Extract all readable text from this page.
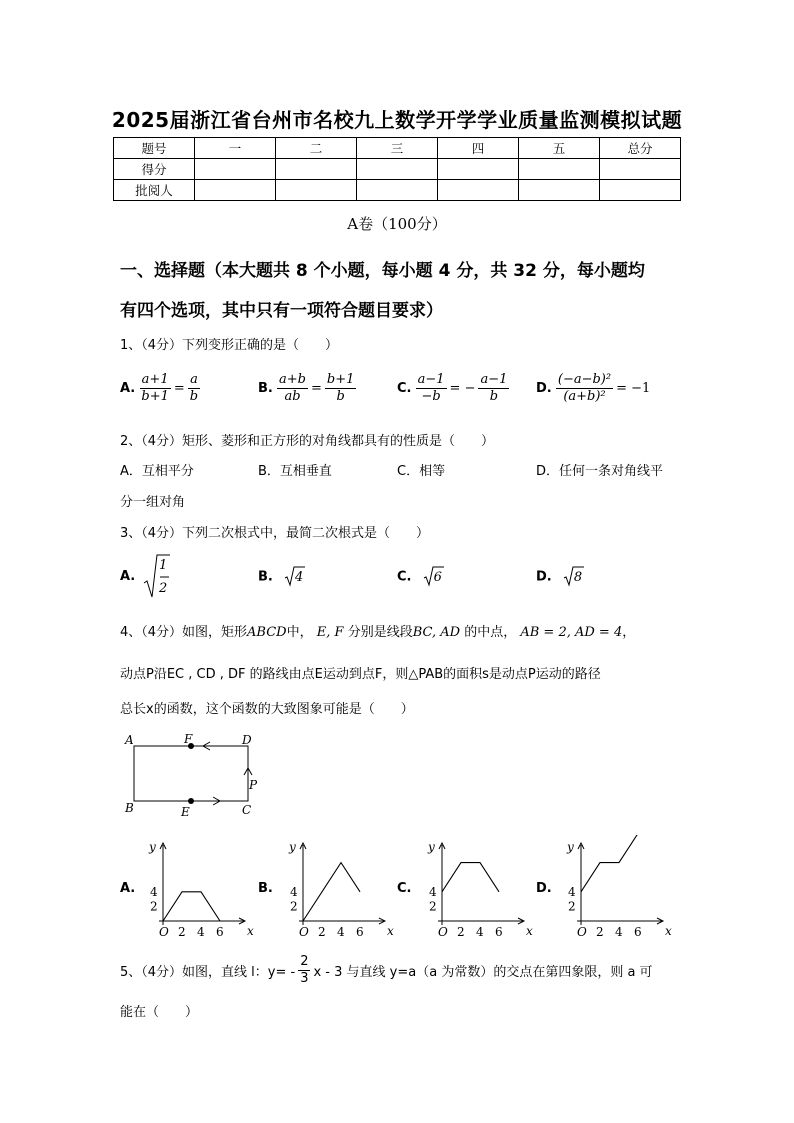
2025届浙江省台州市名校九上数学开学学业质量监测模拟试题
题号	一	二	三	四	五	总分
得分						
批阅人						
A卷（100分）
一、选择题（本大题共 8 个小题，每小题 4 分，共 32 分，每小题均
有四个选项，其中只有一项符合题目要求）
1、（4分）下列变形正确的是（　　）
A.
$\frac{a+1}{b+1} = \frac{a}{b}$	B.
$\frac{a+b}{ab} = \frac{b+1}{b}$	C.
$\frac{a-1}{-b}$ = − $\frac{a-1}{b} D$.
$\frac{\text{(−a−b)²}}{\text{(a+b)²}} = -1$
2、（4分）矩形、菱形和正方形的对角线都具有的性质是（　　）
A．互相平分	B．互相垂直	C．相等	D．任何一条对角线平
分一组对角
3、（4分）下列二次根式中，最简二次根式是（　　）
A.
1
2
B. 4	C. 6	D. 8
4、（4分）如图，矩形ABCD中， E, F 分别是线段BC, AD 的中点， AB = 2, AD = 4，
动点P沿EC , CD , DF 的路线由点E运动到点F，则△PAB的面积s是动点P运动的路径
总长x的函数，这个函数的大致图象可能是（　　）
A	F	D
P
B	E	C
A.	B.	C.	D.
y
x
O
4
2
2 4 6
y
x
O
4
2
2 4 6
y
x
O
4
2
2 4 6
y
x
O
4
2
2 4 6
5、（4分）如图，直线 l：$y= - \frac{2}{3}$ x - 3 与直线 y=a（a 为常数）的交点在第四象限，则 a 可
能在（　　）
